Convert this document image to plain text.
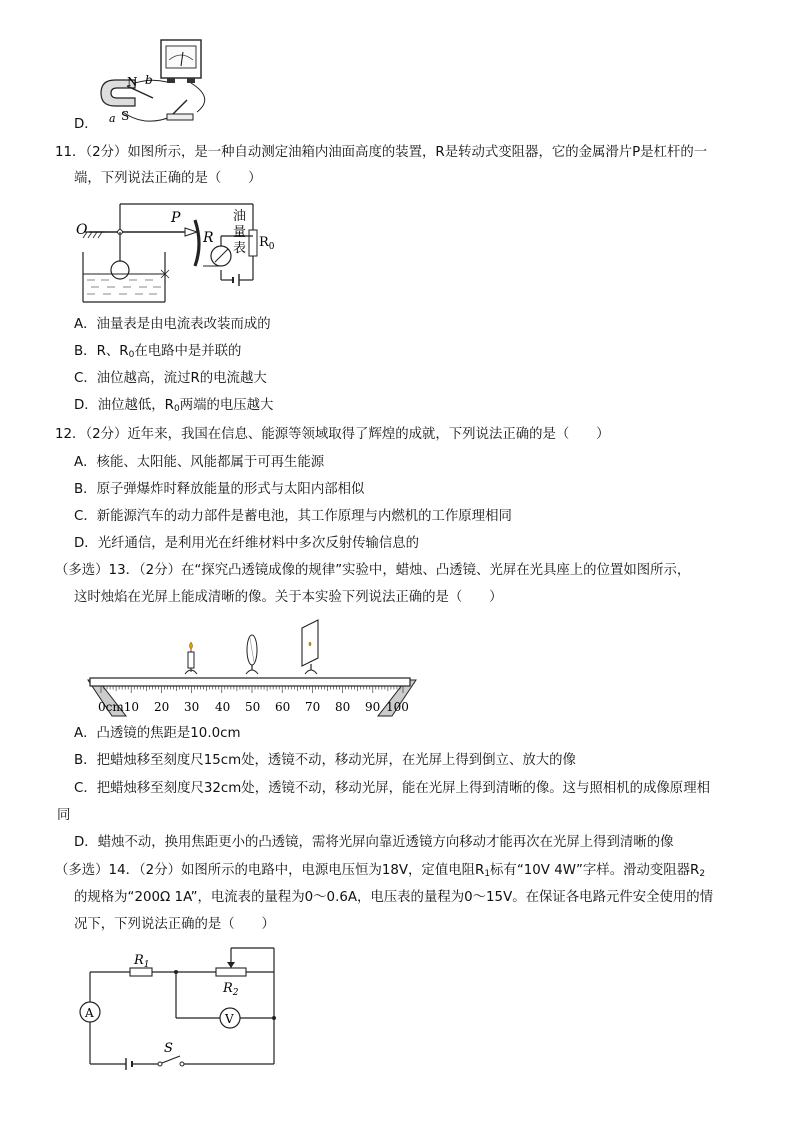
N b
S
a
D．
11．（2分）如图所示，是一种自动测定油箱内油面高度的装置，R是转动式变阻器，它的金属滑片P是杠杆的一
端，下列说法正确的是（　　）
O
P
R
油
量
表 $R_0$
A．油量表是由电流表改装而成的
B．R、$R_0$在电路中是并联的
C．油位越高，流过R的电流越大
D．油位越低，$R_0$两端的电压越大
12．（2分）近年来，我国在信息、能源等领域取得了辉煌的成就，下列说法正确的是（　　）
A．核能、太阳能、风能都属于可再生能源
B．原子弹爆炸时释放能量的形式与太阳内部相似
C．新能源汽车的动力部件是蓄电池，其工作原理与内燃机的工作原理相同
D．光纤通信，是利用光在纤维材料中多次反射传输信息的
（多选）13．（2分）在“探究凸透镜成像的规律”实验中，蜡烛、凸透镜、光屏在光具座上的位置如图所示，
这时烛焰在光屏上能成清晰的像。关于本实验下列说法正确的是（　　）
0cm10 20 30 40 50 60 70 80 90 100
A．凸透镜的焦距是10.0cm
B．把蜡烛移至刻度尺15cm处，透镜不动，移动光屏，在光屏上得到倒立、放大的像
C．把蜡烛移至刻度尺32cm处，透镜不动，移动光屏，能在光屏上得到清晰的像。这与照相机的成像原理相
同
D．蜡烛不动，换用焦距更小的凸透镜，需将光屏向靠近透镜方向移动才能再次在光屏上得到清晰的像
（多选）14．（2分）如图所示的电路中，电源电压恒为18V，定值电阻$R_1$标有“10V 4W”字样。滑动变阻器$R_2$
的规格为“200Ω 1A”，电流表的量程为0～0.6A，电压表的量程为0～15V。在保证各电路元件安全使用的情
况下，下列说法正确的是（　　）
$R_1$
$R_2$
A	V
S
